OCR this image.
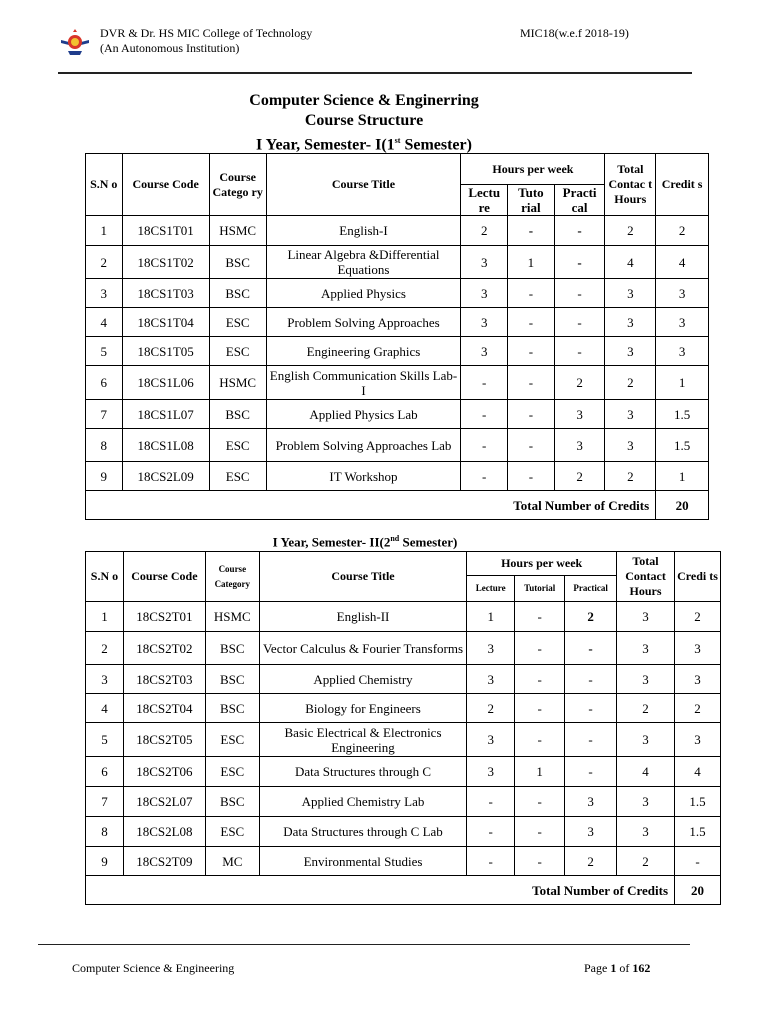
DVR & Dr. HS MIC College of Technology
(An Autonomous Institution)
MIC18(w.e.f 2018-19)
Computer Science & Enginerring
Course Structure
I Year, Semester- I(1st Semester)
S.N o	Course Code	Course Catego ry	Course Title	Hours per week			Total Contac t Hours	Credit s
				Lectu re	Tuto rial	Practi cal		
1	18CS1T01	HSMC	English-I	2	-	-	2	2
2	18CS1T02	BSC	Linear Algebra &Differential Equations	3	1	-	4	4
3	18CS1T03	BSC	Applied Physics	3	-	-	3	3
4	18CS1T04	ESC	Problem Solving Approaches	3	-	-	3	3
5	18CS1T05	ESC	Engineering Graphics	3	-	-	3	3
6	18CS1L06	HSMC	English Communication Skills Lab-I	-	-	2	2	1
7	18CS1L07	BSC	Applied Physics Lab	-	-	3	3	1.5
8	18CS1L08	ESC	Problem Solving Approaches Lab	-	-	3	3	1.5
9	18CS2L09	ESC	IT Workshop	-	-	2	2	1
Total Number of Credits								20
I Year, Semester- II(2nd Semester)
S.N o	Course Code	Course Category	Course Title	Hours per week			Total Contact Hours	Credi ts
				Lecture	Tutorial	Practical		
1	18CS2T01	HSMC	English-II	1	-	2	3	2
2	18CS2T02	BSC	Vector Calculus & Fourier Transforms	3	-	-	3	3
3	18CS2T03	BSC	Applied Chemistry	3	-	-	3	3
4	18CS2T04	BSC	Biology for Engineers	2	-	-	2	2
5	18CS2T05	ESC	Basic Electrical & Electronics Engineering	3	-	-	3	3
6	18CS2T06	ESC	Data Structures through C	3	1	-	4	4
7	18CS2L07	BSC	Applied Chemistry Lab	-	-	3	3	1.5
8	18CS2L08	ESC	Data Structures through C Lab	-	-	3	3	1.5
9	18CS2T09	MC	Environmental Studies	-	-	2	2	-
Total Number of Credits								20
Computer Science & Engineering	Page 1 of 162
